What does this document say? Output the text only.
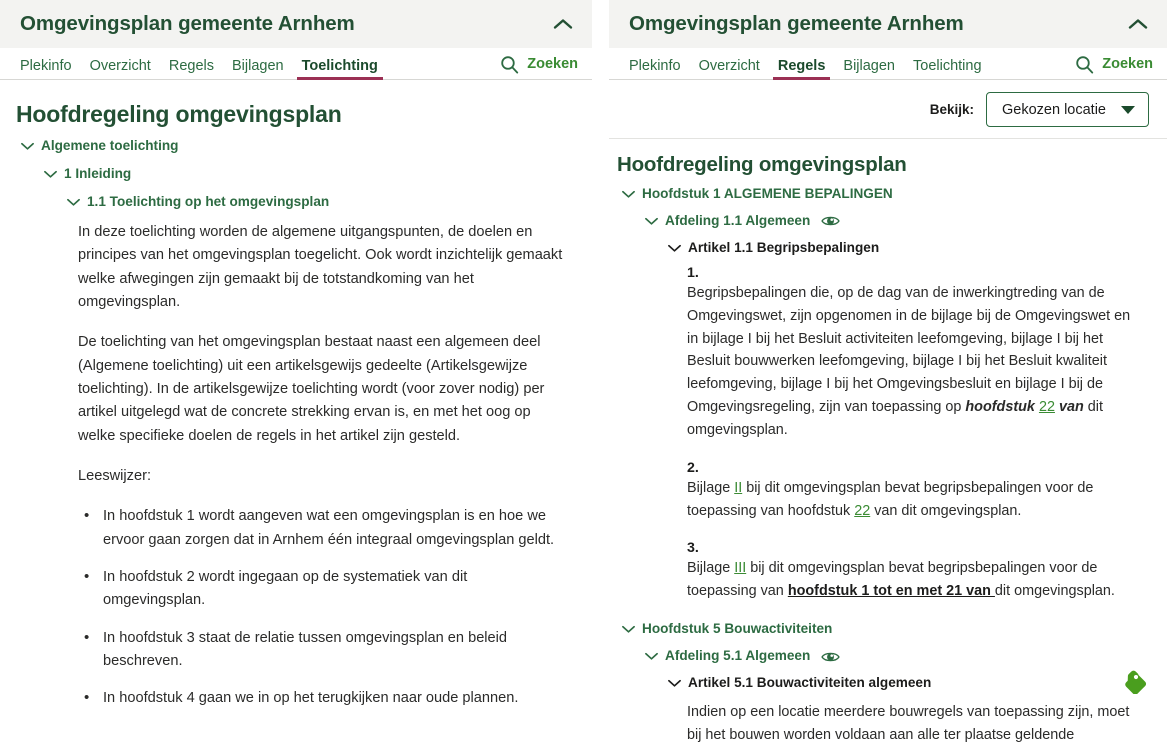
Omgevingsplan gemeente Arnhem
Plekinfo	Overzicht	Regels	Bijlagen	Toelichting	Zoeken
Hoofdregeling omgevingsplan
Algemene toelichting
1 Inleiding
1.1 Toelichting op het omgevingsplan

In deze toelichting worden de algemene uitgangspunten, de doelen en principes van het omgevingsplan toegelicht. Ook wordt inzichtelijk gemaakt welke afwegingen zijn gemaakt bij de totstandkoming van het omgevingsplan.

De toelichting van het omgevingsplan bestaat naast een algemeen deel (Algemene toelichting) uit een artikelsgewijs gedeelte (Artikelsgewijze toelichting). In de artikelsgewijze toelichting wordt (voor zover nodig) per artikel uitgelegd wat de concrete strekking ervan is, en met het oog op welke specifieke doelen de regels in het artikel zijn gesteld.

Leeswijzer:

• In hoofdstuk 1 wordt aangeven wat een omgevingsplan is en hoe we ervoor gaan zorgen dat in Arnhem één integraal omgevingsplan geldt.
• In hoofdstuk 2 wordt ingegaan op de systematiek van dit omgevingsplan.
• In hoofdstuk 3 staat de relatie tussen omgevingsplan en beleid beschreven.
• In hoofdstuk 4 gaan we in op het terugkijken naar oude plannen.
Omgevingsplan gemeente Arnhem
Plekinfo	Overzicht	Regels	Bijlagen	Toelichting	Zoeken
Bekijk: Gekozen locatie
Hoofdregeling omgevingsplan
Hoofdstuk 1 ALGEMENE BEPALINGEN
Afdeling 1.1 Algemeen
Artikel 1.1 Begripsbepalingen
1.
Begripsbepalingen die, op de dag van de inwerkingtreding van de Omgevingswet, zijn opgenomen in de bijlage bij de Omgevingswet en in bijlage I bij het Besluit activiteiten leefomgeving, bijlage I bij het Besluit bouwwerken leefomgeving, bijlage I bij het Besluit kwaliteit leefomgeving, bijlage I bij het Omgevingsbesluit en bijlage I bij de Omgevingsregeling, zijn van toepassing op hoofdstuk 22 van dit omgevingsplan.
2.
Bijlage II bij dit omgevingsplan bevat begripsbepalingen voor de toepassing van hoofdstuk 22 van dit omgevingsplan.
3.
Bijlage III bij dit omgevingsplan bevat begripsbepalingen voor de toepassing van hoofdstuk 1 tot en met 21 van dit omgevingsplan.
Hoofdstuk 5 Bouwactiviteiten
Afdeling 5.1 Algemeen
Artikel 5.1 Bouwactiviteiten algemeen
Indien op een locatie meerdere bouwregels van toepassing zijn, moet bij het bouwen worden voldaan aan alle ter plaatse geldende
